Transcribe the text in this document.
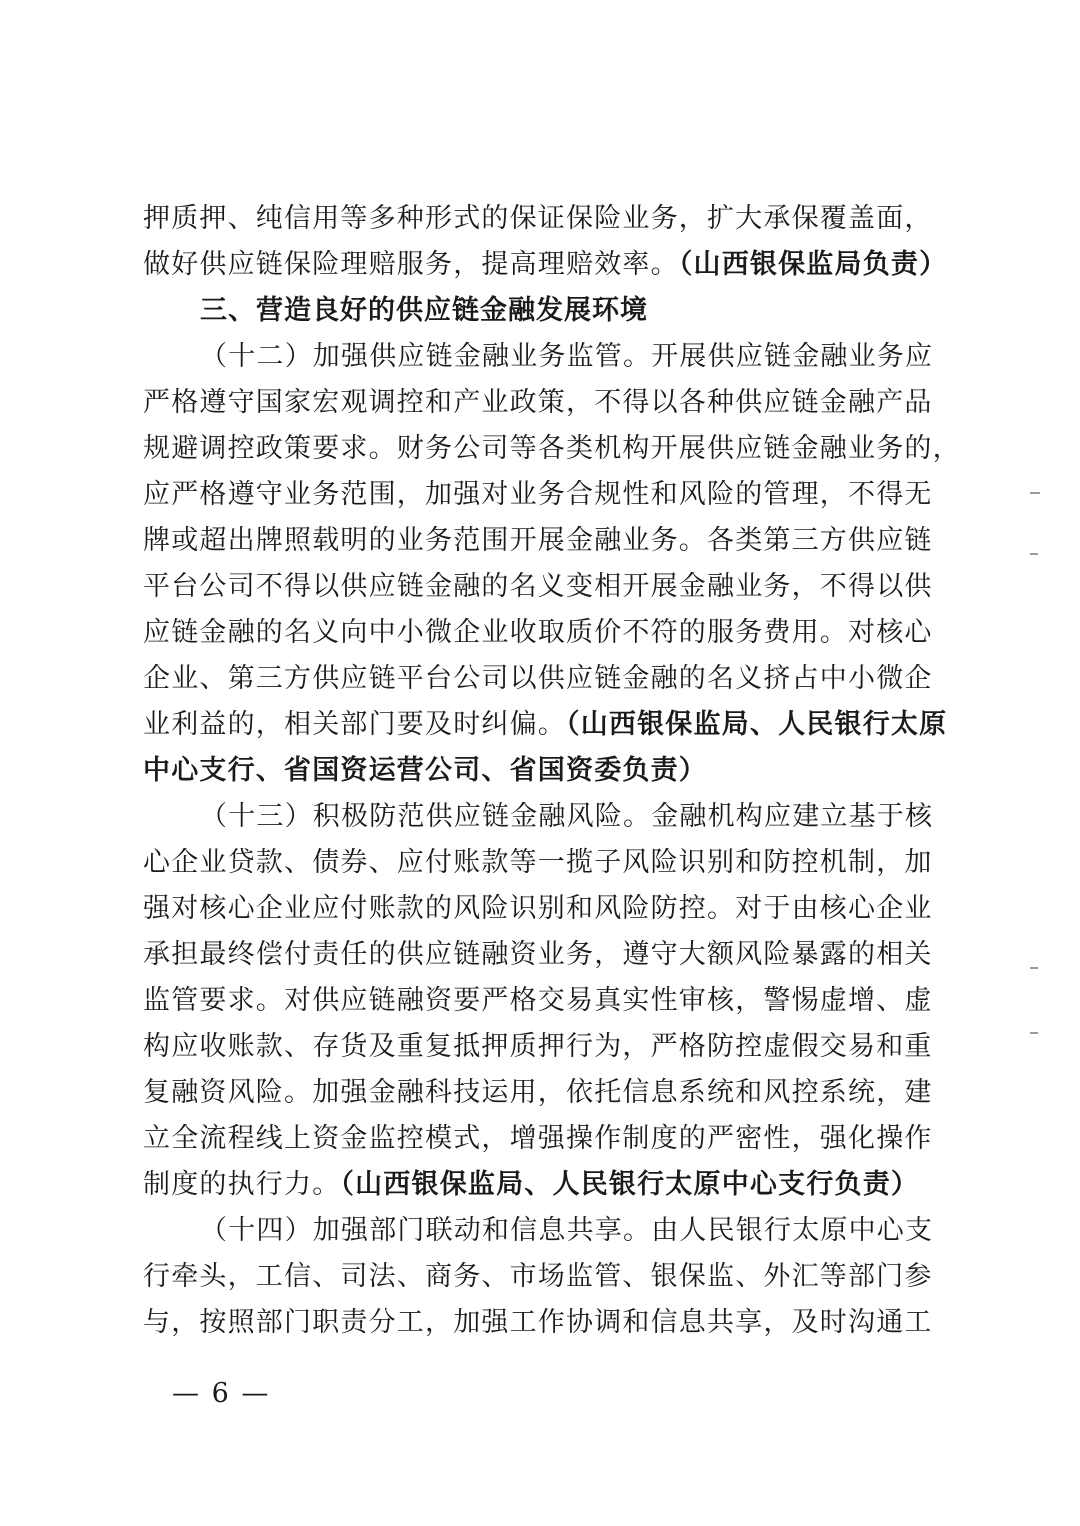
押质押、纯信用等多种形式的保证保险业务，扩大承保覆盖面，
做好供应链保险理赔服务，提高理赔效率。（山西银保监局负责）
三、营造良好的供应链金融发展环境
（十二）加强供应链金融业务监管。开展供应链金融业务应
严格遵守国家宏观调控和产业政策，不得以各种供应链金融产品
规避调控政策要求。财务公司等各类机构开展供应链金融业务的，
应严格遵守业务范围，加强对业务合规性和风险的管理，不得无
牌或超出牌照载明的业务范围开展金融业务。各类第三方供应链
平台公司不得以供应链金融的名义变相开展金融业务，不得以供
应链金融的名义向中小微企业收取质价不符的服务费用。对核心
企业、第三方供应链平台公司以供应链金融的名义挤占中小微企
业利益的，相关部门要及时纠偏。（山西银保监局、人民银行太原
中心支行、省国资运营公司、省国资委负责）
（十三）积极防范供应链金融风险。金融机构应建立基于核
心企业贷款、债券、应付账款等一揽子风险识别和防控机制，加
强对核心企业应付账款的风险识别和风险防控。对于由核心企业
承担最终偿付责任的供应链融资业务，遵守大额风险暴露的相关
监管要求。对供应链融资要严格交易真实性审核，警惕虚增、虚
构应收账款、存货及重复抵押质押行为，严格防控虚假交易和重
复融资风险。加强金融科技运用，依托信息系统和风控系统，建
立全流程线上资金监控模式，增强操作制度的严密性，强化操作
制度的执行力。（山西银保监局、人民银行太原中心支行负责）
（十四）加强部门联动和信息共享。由人民银行太原中心支
行牵头，工信、司法、商务、市场监管、银保监、外汇等部门参
与，按照部门职责分工，加强工作协调和信息共享，及时沟通工
— 6 —
